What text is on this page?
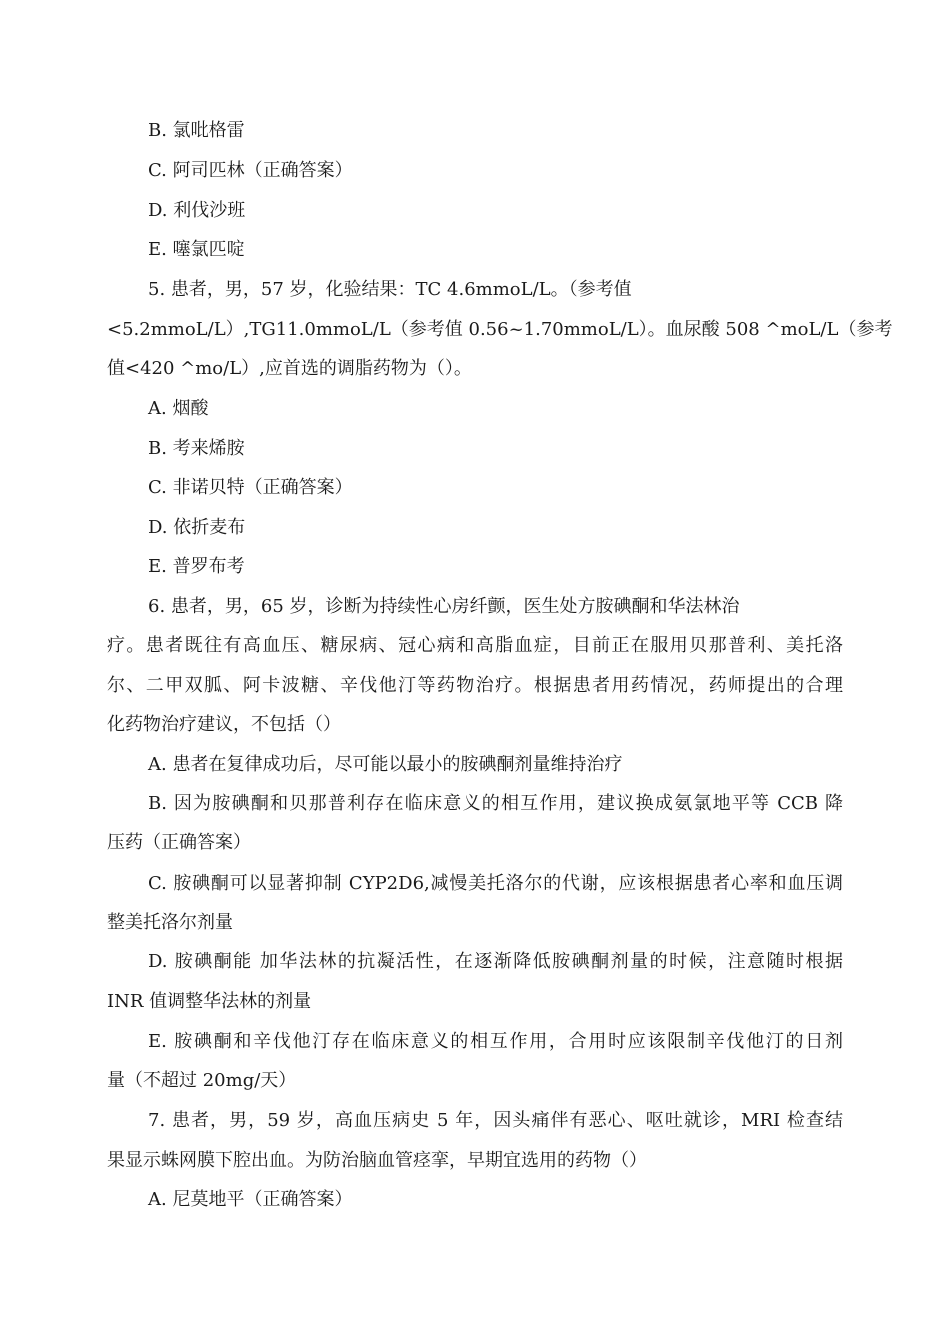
B. 氯吡格雷
C. 阿司匹林（正确答案）
D. 利伐沙班
E. 噻氯匹啶
5. 患者，男，57 岁，化验结果：TC 4.6mmoL/L。（参考值
<5.2mmoL/L）,TG11.0mmoL/L（参考值 0.56~1.70mmoL/L）。血尿酸 508 ^moL/L（参考
值<420 ^mo/L）,应首选的调脂药物为（）。
A. 烟酸
B. 考来烯胺
C. 非诺贝特（正确答案）
D. 依折麦布
E. 普罗布考
6. 患者，男，65 岁，诊断为持续性心房纤颤，医生处方胺碘酮和华法林治
疗。患者既往有高血压、糖尿病、冠心病和高脂血症，目前正在服用贝那普利、美托洛
尔、二甲双胍、阿卡波糖、辛伐他汀等药物治疗。根据患者用药情况，药师提出的合理
化药物治疗建议，不包括（）
A. 患者在复律成功后，尽可能以最小的胺碘酮剂量维持治疗
B. 因为胺碘酮和贝那普利存在临床意义的相互作用，建议换成氨氯地平等 CCB 降
压药（正确答案）
C. 胺碘酮可以显著抑制 CYP2D6,减慢美托洛尔的代谢，应该根据患者心率和血压调
整美托洛尔剂量
D. 胺碘酮能 加华法林的抗凝活性，在逐渐降低胺碘酮剂量的时候，注意随时根据
INR 值调整华法林的剂量
E. 胺碘酮和辛伐他汀存在临床意义的相互作用，合用时应该限制辛伐他汀的日剂
量（不超过 20mg/天）
7. 患者，男，59 岁，高血压病史 5 年，因头痛伴有恶心、呕吐就诊，MRI 检查结
果显示蛛网膜下腔出血。为防治脑血管痉挛，早期宜选用的药物（）
A. 尼莫地平（正确答案）
